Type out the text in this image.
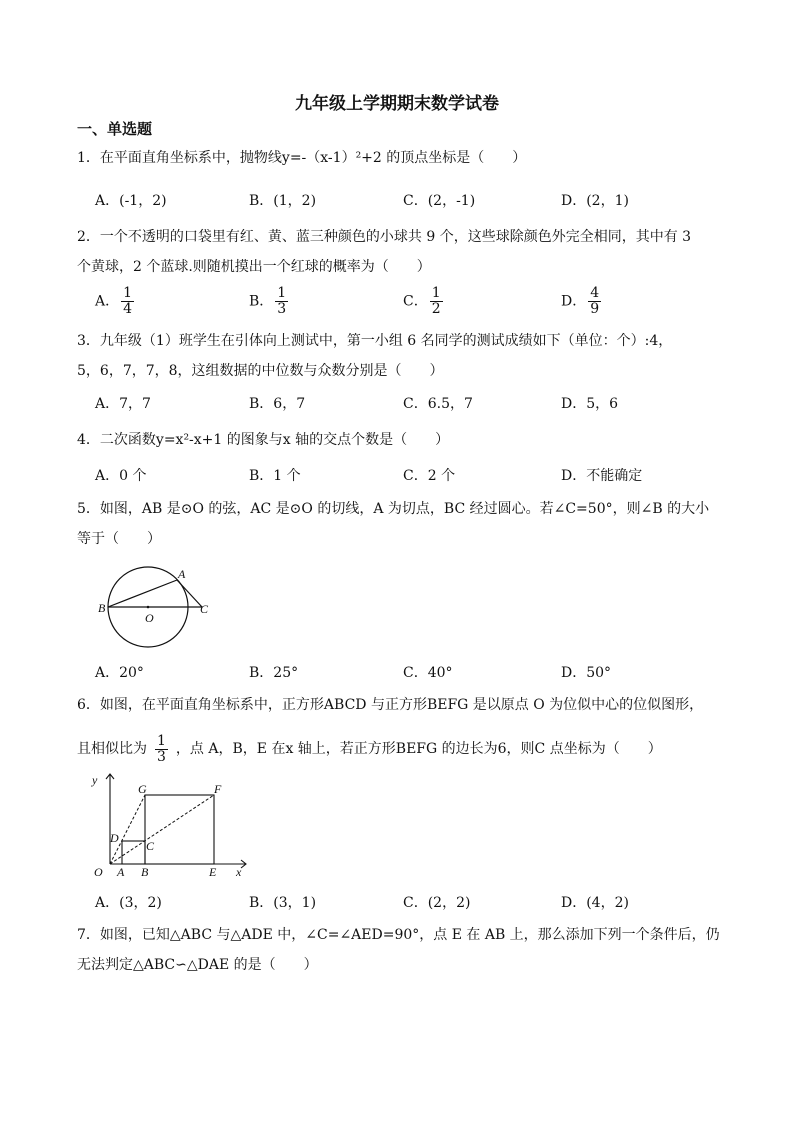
九年级上学期期末数学试卷
一、单选题
1．在平面直角坐标系中，抛物线y=-（x-1）²+2 的顶点坐标是（　　）
A．(-1，2)	B．(1，2)	C．(2，-1)	D．(2，1)
2．一个不透明的口袋里有红、黄、蓝三种颜色的小球共 9 个，这些球除颜色外完全相同，其中有 3
个黄球，2 个蓝球.则随机摸出一个红球的概率为（　　）
A． $\frac{1}{4}$	B． $\frac{1}{3}$	C． $\frac{1}{2}$	D． $\frac{4}{9}$
3．九年级（1）班学生在引体向上测试中，第一小组 6 名同学的测试成绩如下（单位：个）:4，
5，6，7，7，8，这组数据的中位数与众数分别是（　　）
A．7，7	B．6，7	C．6.5，7	D．5，6
4．二次函数y=x²-x+1 的图象与x 轴的交点个数是（　　）
A．0 个	B．1 个	C．2 个	D．不能确定
5．如图，AB 是⊙O 的弦，AC 是⊙O 的切线，A 为切点，BC 经过圆心。若∠C=50°，则∠B 的大小
等于（　　）
B
A
C
O
A．20°	B．25°	C．40°	D．50°
6．如图，在平面直角坐标系中，正方形ABCD 与正方形BEFG 是以原点 O 为位似中心的位似图形，
且相似比为 $\frac{1}{3}$ ，点 A，B，E 在x 轴上，若正方形BEFG 的边长为6，则C 点坐标为（　　）
y
x
O A B	E
C
D
G	F
A．(3，2)	B．(3，1)	C．(2，2)	D．(4，2)
7．如图，已知△ABC 与△ADE 中，∠C=∠AED=90°，点 E 在 AB 上，那么添加下列一个条件后，仍
无法判定△ABC∽△DAE 的是（　　）
